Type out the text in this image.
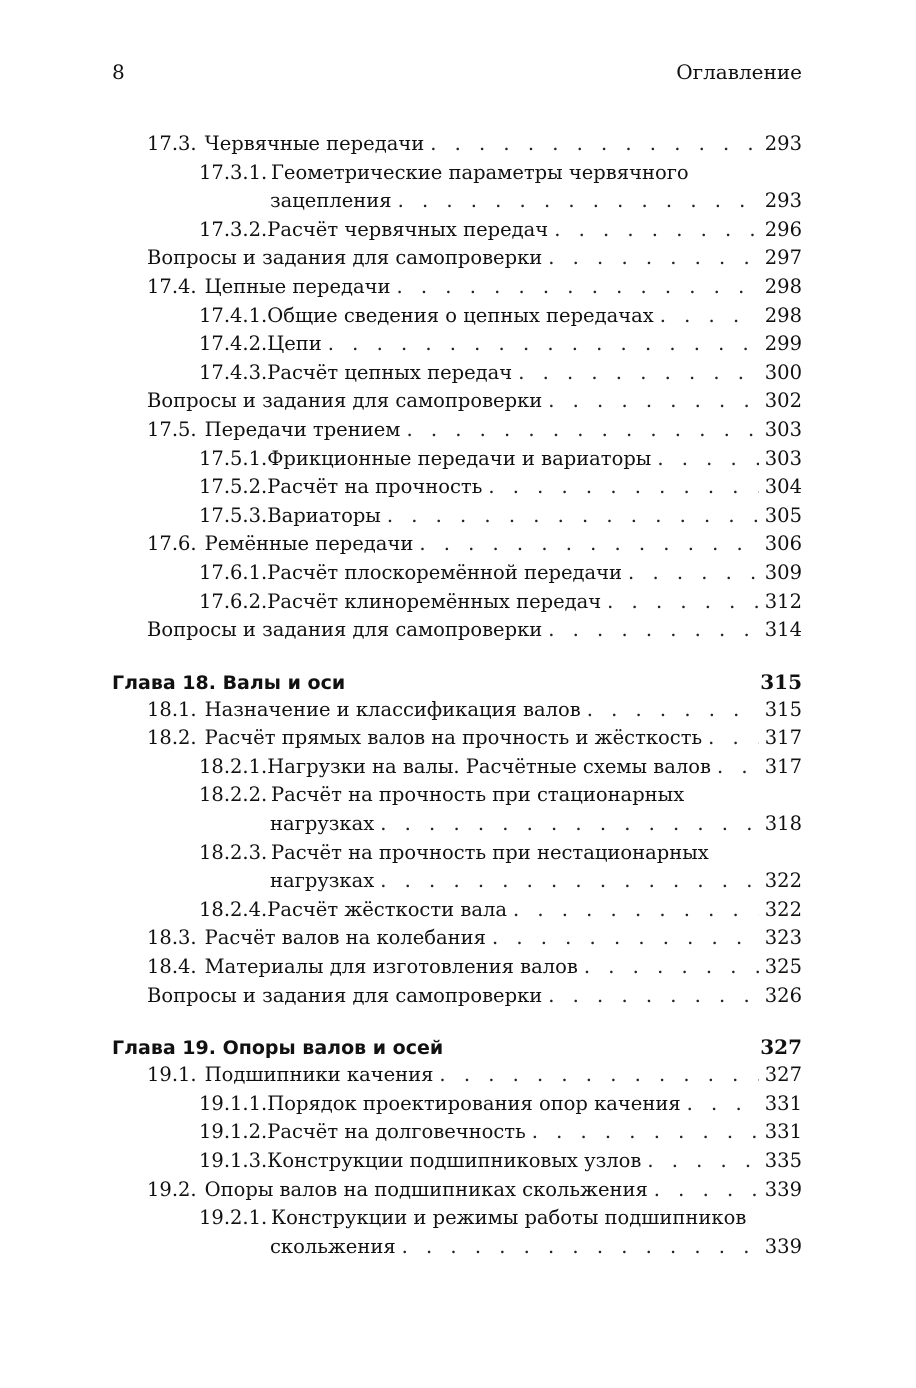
8	Оглавление
17.3. Червячные передачи . . .	293
17.3.1. Геометрические параметры червячного
зацепления . . .	293
17.3.2. Расчёт червячных передач . . .	296
Вопросы и задания для самопроверки . . .	297
17.4. Цепные передачи . . .	298
17.4.1. Общие сведения о цепных передачах . . .	298
17.4.2. Цепи . . .	299
17.4.3. Расчёт цепных передач . . .	300
Вопросы и задания для самопроверки . . .	302
17.5. Передачи трением . . .	303
17.5.1. Фрикционные передачи и вариаторы . . .	303
17.5.2. Расчёт на прочность . . .	304
17.5.3. Вариаторы . . .	305
17.6. Ремённые передачи . . .	306
17.6.1. Расчёт плоскоремённой передачи . . .	309
17.6.2. Расчёт клиноремённых передач . . .	312
Вопросы и задания для самопроверки . . .	314
Глава 18. Валы и оси	315
18.1. Назначение и классификация валов . . .	315
18.2. Расчёт прямых валов на прочность и жёсткость . . .	317
18.2.1. Нагрузки на валы. Расчётные схемы валов . . .	317
18.2.2. Расчёт на прочность при стационарных
нагрузках . . .	318
18.2.3. Расчёт на прочность при нестационарных
нагрузках . . .	322
18.2.4. Расчёт жёсткости вала . . .	322
18.3. Расчёт валов на колебания . . .	323
18.4. Материалы для изготовления валов . . .	325
Вопросы и задания для самопроверки . . .	326
Глава 19. Опоры валов и осей	327
19.1. Подшипники качения . . .	327
19.1.1. Порядок проектирования опор качения . . .	331
19.1.2. Расчёт на долговечность . . .	331
19.1.3. Конструкции подшипниковых узлов . . .	335
19.2. Опоры валов на подшипниках скольжения . . .	339
19.2.1. Конструкции и режимы работы подшипников
скольжения . . .	339
